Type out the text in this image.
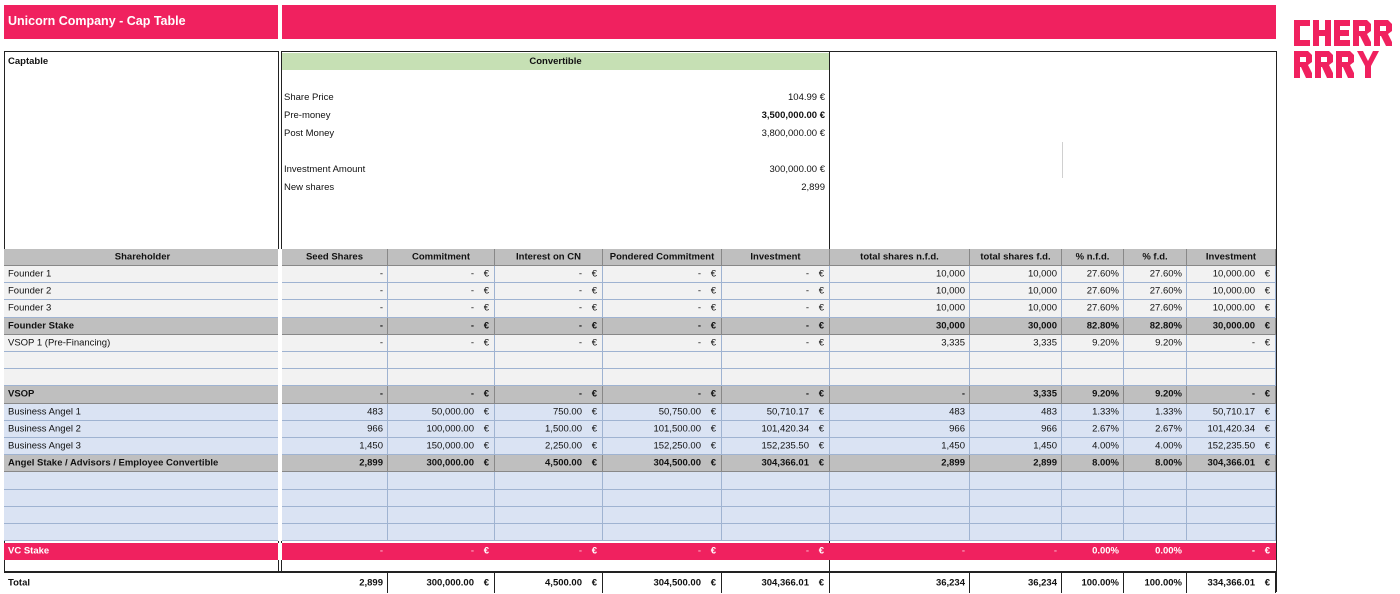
Unicorn Company - Cap Table
Convertible
Captable
Share Price	104.99 €
Pre-money	3,500,000.00 €
Post Money	3,800,000.00 €
Investment Amount	300,000.00 €
New shares	2,899
Shareholder	Seed Shares	Commitment	Interest on CN	Pondered Commitment	Investment	total shares n.f.d.	total shares f.d.	% n.f.d.	% f.d.	Investment
Founder 1	-	- €	- €	- €	- €	10,000	10,000	27.60%	27.60%	10,000.00 €
Founder 2	-	- €	- €	- €	- €	10,000	10,000	27.60%	27.60%	10,000.00 €
Founder 3	-	- €	- €	- €	- €	10,000	10,000	27.60%	27.60%	10,000.00 €
Founder Stake	-	- €	- €	- €	- €	30,000	30,000	82.80%	82.80%	30,000.00 €
VSOP 1 (Pre-Financing)	-	- €	- €	- €	- €	3,335	3,335	9.20%	9.20%	- €
VSOP	-	- €	- €	- €	- €	-	3,335	9.20%	9.20%	- €
Business Angel 1	483	50,000.00 €	750.00 €	50,750.00 €	50,710.17 €	483	483	1.33%	1.33%	50,710.17 €
Business Angel 2	966	100,000.00 €	1,500.00 €	101,500.00 €	101,420.34 €	966	966	2.67%	2.67%	101,420.34 €
Business Angel 3	1,450	150,000.00 €	2,250.00 €	152,250.00 €	152,235.50 €	1,450	1,450	4.00%	4.00%	152,235.50 €
Angel Stake / Advisors / Employee Convertible	2,899	300,000.00 €	4,500.00 €	304,500.00 €	304,366.01 €	2,899	2,899	8.00%	8.00%	304,366.01 €
VC Stake	-	- €	- €	- €	- €	-	-	0.00%	0.00%	- €
Total	2,899	300,000.00 €	4,500.00 €	304,500.00 €	304,366.01 €	36,234	36,234	100.00%	100.00%	334,366.01 €
